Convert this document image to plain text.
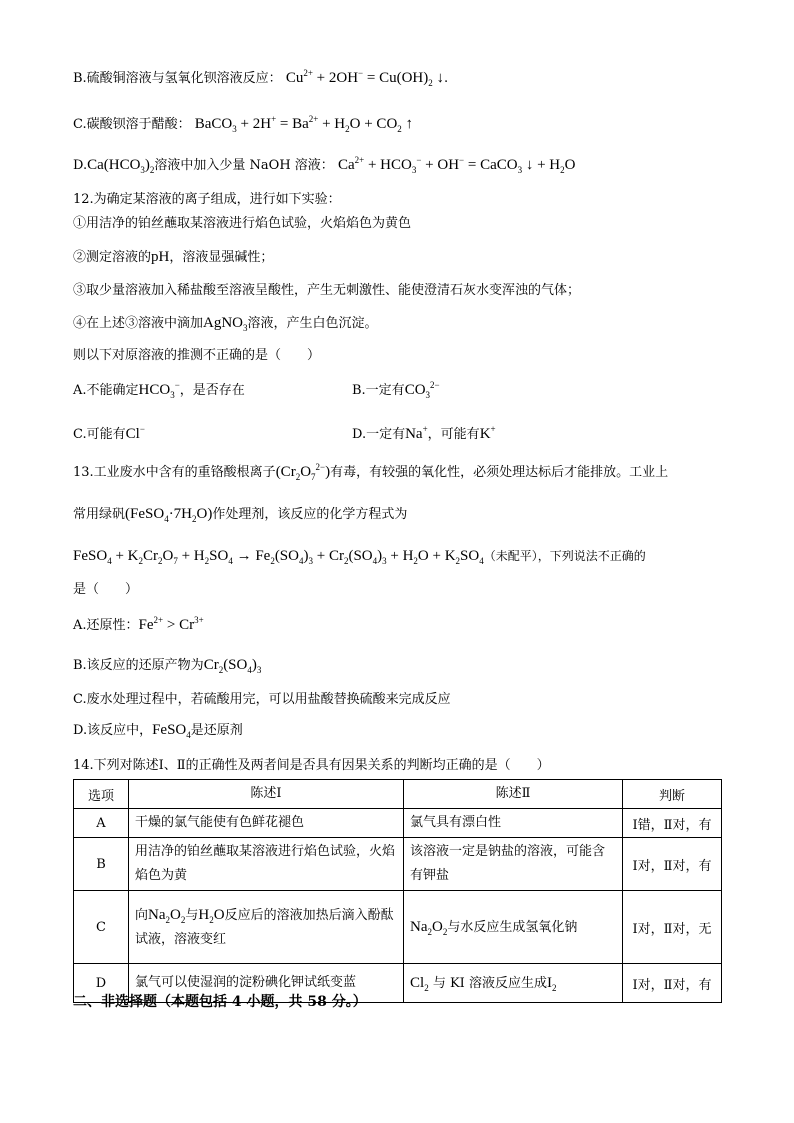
B.硫酸铜溶液与氢氧化钡溶液反应： $Cu^{2+} + 2OH^- = Cu(OH)_2$ ↓.
C.碳酸钡溶于醋酸： BaCO$_3$ + $2H^+ = Ba^{2+} + H_2O + CO_2$ ↑
$D.Ca(HCO_3)_2$溶液中加入少量 NaOH 溶液： $Ca^{2+} + HCO_3^- + OH^-$ = CaCO$_3$ ↓ + $H_2O$
12.为确定某溶液的离子组成，进行如下实验：
①用洁净的铂丝蘸取某溶液进行焰色试验，火焰焰色为黄色
②测定溶液的pH，溶液显强碱性；
③取少量溶液加入稀盐酸至溶液呈酸性，产生无刺激性、能使澄清石灰水变浑浊的气体；
④在上述③溶液中滴加AgNO$_3$溶液，产生白色沉淀。
则以下对原溶液的推测不正确的是（　　）
A.不能确定$HCO_3^-$，是否存在	B.一定有$CO_3^{2-}$
C.可能有Cl−	D.一定有Na+，可能有K+
13.工业废水中含有的重铬酸根离子$(Cr_2O_7^{2-})$有毒，有较强的氧化性，必须处理达标后才能排放。工业上
常用绿矾$(FeSO_4\cdot 7H_2O)$作处理剂，该反应的化学方程式为
FeSO$_4$ + $K_2Cr_2O_7 + H_2SO_4 \to Fe_2(SO_4)_3 + Cr_2(SO_4)_3 + H_2O + K_2SO_4$（未配平），下列说法不正确的
是（　　）
A.还原性：$Fe^{2+} > Cr^{3+}$
B.该反应的还原产物为$Cr_2(SO_4)_3$
C.废水处理过程中，若硫酸用完，可以用盐酸替换硫酸来完成反应
D.该反应中，FeSO$_4$是还原剂
14.下列对陈述Ⅰ、Ⅱ的正确性及两者间是否具有因果关系的判断均正确的是（　　）
选项	陈述Ⅰ	陈述Ⅱ	判断
A	干燥的氯气能使有色鲜花褪色	氯气具有漂白性	Ⅰ错，Ⅱ对，有
B	用洁净的铂丝蘸取某溶液进行焰色试验，火焰焰色为黄	该溶液一定是钠盐的溶液，可能含有钾盐	Ⅰ对，Ⅱ对，有
C	向$Na_2O_2$与$H_2O$反应后的溶液加热后滴入酚酞试液，溶液变红	$Na_2O_2$与水反应生成氢氧化钠	Ⅰ对，Ⅱ对，无
D	氯气可以使湿润的淀粉碘化钾试纸变蓝	$Cl_2$ 与 KI 溶液反应生成$I_2$	Ⅰ对，Ⅱ对，有
二、非选择题（本题包括 4 小题，共 58 分。）
